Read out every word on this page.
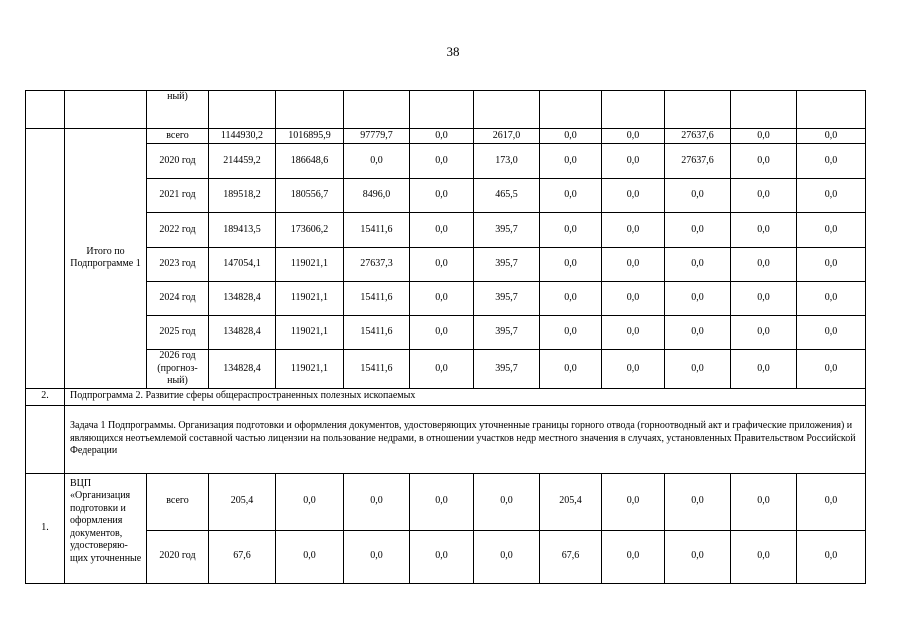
38
		ный)										
	Итого по Подпрограмме 1	всего	1144930,2	1016895,9	97779,7	0,0	2617,0	0,0	0,0	27637,6	0,0	0,0
		2020 год	214459,2	186648,6	0,0	0,0	173,0	0,0	0,0	27637,6	0,0	0,0
		2021 год	189518,2	180556,7	8496,0	0,0	465,5	0,0	0,0	0,0	0,0	0,0
		2022 год	189413,5	173606,2	15411,6	0,0	395,7	0,0	0,0	0,0	0,0	0,0
		2023 год	147054,1	119021,1	27637,3	0,0	395,7	0,0	0,0	0,0	0,0	0,0
		2024 год	134828,4	119021,1	15411,6	0,0	395,7	0,0	0,0	0,0	0,0	0,0
		2025 год	134828,4	119021,1	15411,6	0,0	395,7	0,0	0,0	0,0	0,0	0,0
		2026 год (прогноз-ный)	134828,4	119021,1	15411,6	0,0	395,7	0,0	0,0	0,0	0,0	0,0
2.	Подпрограмма 2. Развитие сферы общераспространенных полезных ископаемых											
	Задача 1 Подпрограммы. Организация подготовки и оформления документов, удостоверяющих уточненные границы горного отвода (горноотводный акт и графические приложения) и являющихся неотъемлемой составной частью лицензии на пользование недрами, в отношении участков недр местного значения в случаях, установленных Правительством Российской Федерации											
1.	ВЦП «Организация подготовки и оформления документов, удостоверяю-щих уточненные	всего	205,4	0,0	0,0	0,0	0,0	205,4	0,0	0,0	0,0	0,0
		2020 год	67,6	0,0	0,0	0,0	0,0	67,6	0,0	0,0	0,0	0,0
